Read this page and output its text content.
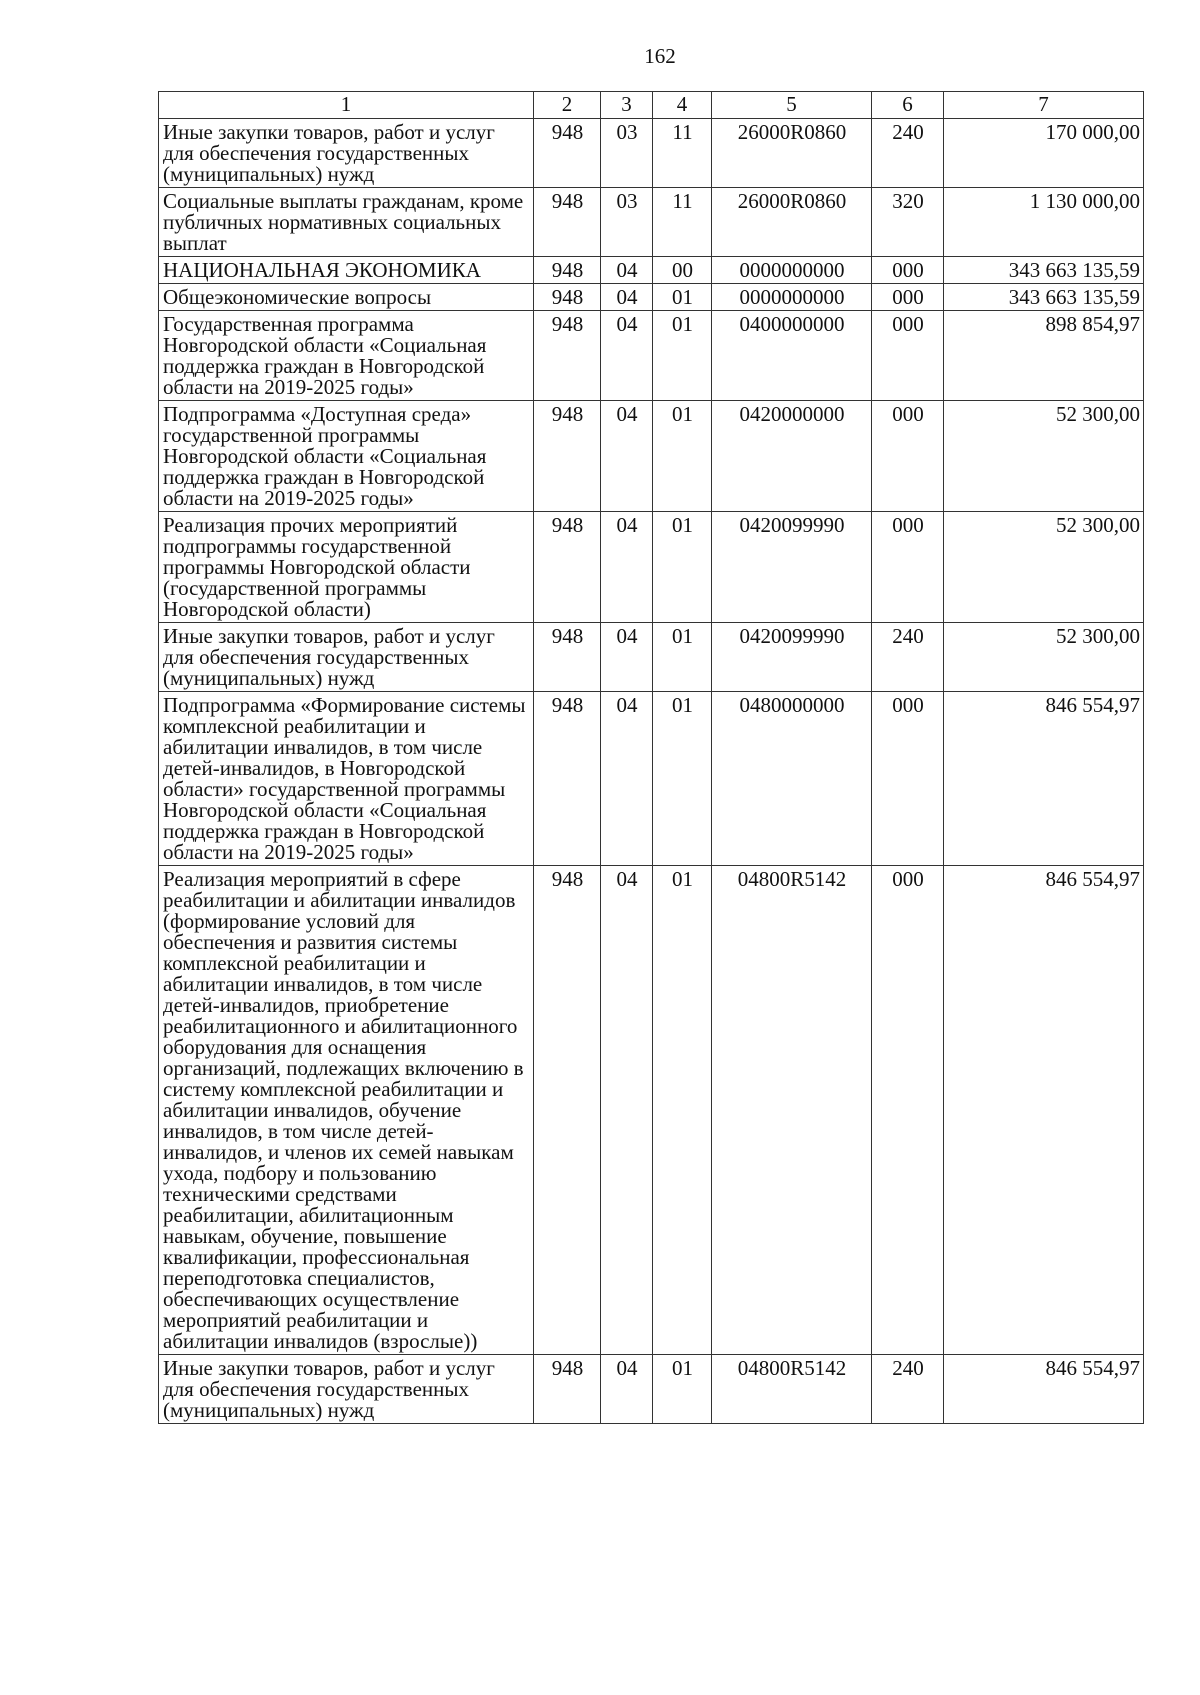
162
1	2	3	4	5	6	7
Иные закупки товаров, работ и услуг для обеспечения государственных (муниципальных) нужд	948	03	11	26000R0860	240	170 000,00
Социальные выплаты гражданам, кроме публичных нормативных социальных выплат	948	03	11	26000R0860	320	1 130 000,00
НАЦИОНАЛЬНАЯ ЭКОНОМИКА	948	04	00	0000000000	000	343 663 135,59
Общеэкономические вопросы	948	04	01	0000000000	000	343 663 135,59
Государственная программа Новгородской области «Социальная поддержка граждан в Новгородской области на 2019-2025 годы»	948	04	01	0400000000	000	898 854,97
Подпрограмма «Доступная среда» государственной программы Новгородской области «Социальная поддержка граждан в Новгородской области на 2019-2025 годы»	948	04	01	0420000000	000	52 300,00
Реализация прочих мероприятий подпрограммы государственной программы Новгородской области (государственной программы Новгородской области)	948	04	01	0420099990	000	52 300,00
Иные закупки товаров, работ и услуг для обеспечения государственных (муниципальных) нужд	948	04	01	0420099990	240	52 300,00
Подпрограмма «Формирование системы комплексной реабилитации и абилитации инвалидов, в том числе детей-инвалидов, в Новгородской области» государственной программы Новгородской области «Социальная поддержка граждан в Новгородской области на 2019-2025 годы»	948	04	01	0480000000	000	846 554,97
Реализация мероприятий в сфере реабилитации и абилитации инвалидов (формирование условий для обеспечения и развития системы комплексной реабилитации и абилитации инвалидов, в том числе детей-инвалидов, приобретение реабилитационного и абилитационного оборудования для оснащения организаций, подлежащих включению в систему комплексной реабилитации и абилитации инвалидов, обучение инвалидов, в том числе детей-инвалидов, и членов их семей навыкам ухода, подбору и пользованию техническими средствами реабилитации, абилитационным навыкам, обучение, повышение квалификации, профессиональная переподготовка специалистов, обеспечивающих осуществление мероприятий реабилитации и абилитации инвалидов (взрослые))	948	04	01	04800R5142	000	846 554,97
Иные закупки товаров, работ и услуг для обеспечения государственных (муниципальных) нужд	948	04	01	04800R5142	240	846 554,97
